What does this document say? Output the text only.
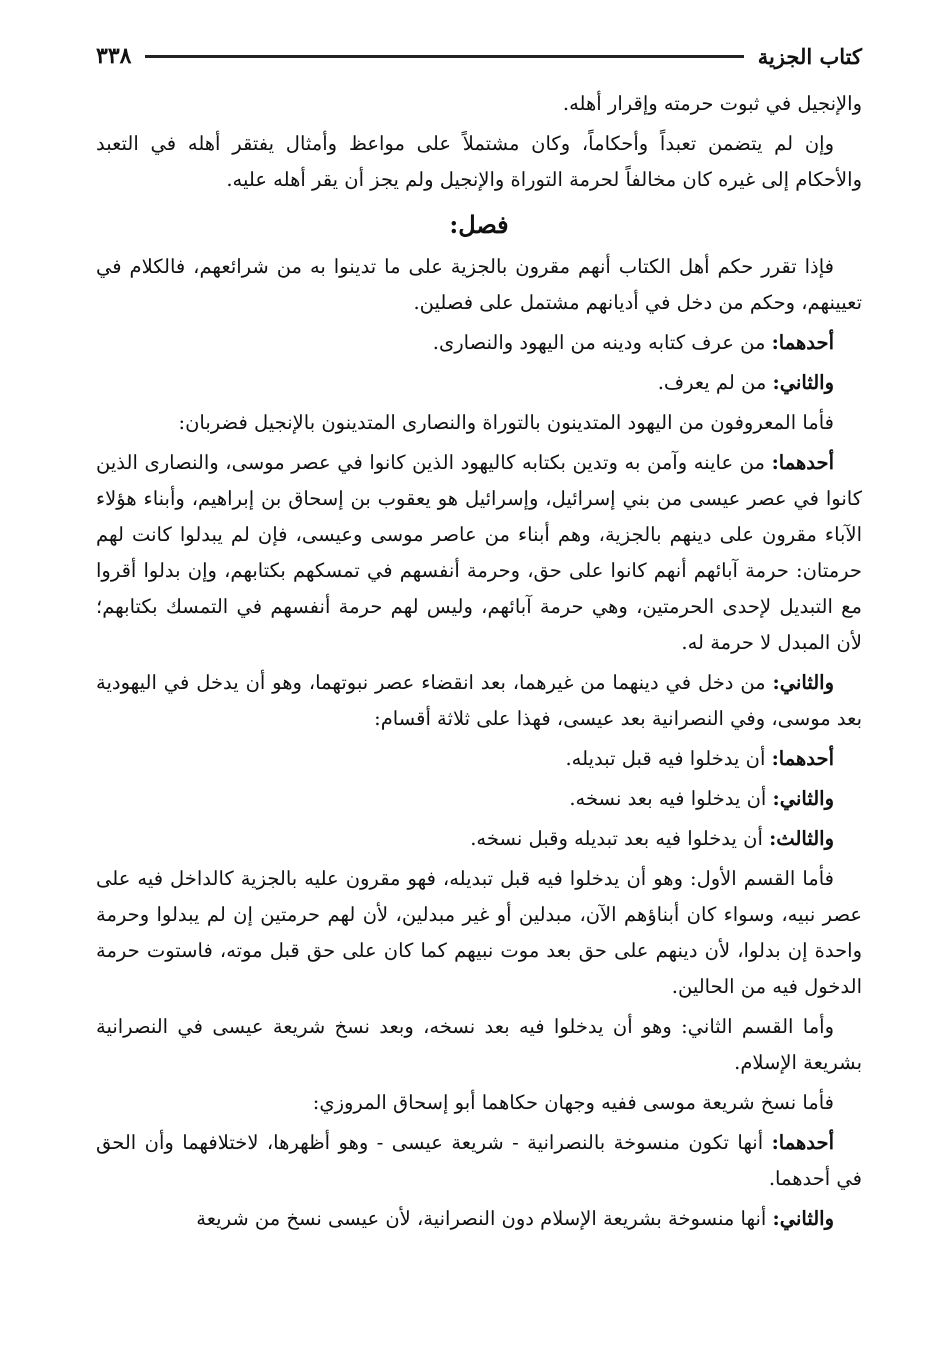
٣٣٨	كتاب الجزية

والإنجيل في ثبوت حرمته وإقرار أهله.

وإن لم يتضمن تعبداً وأحكاماً، وكان مشتملاً على مواعظ وأمثال يفتقر أهله في التعبد والأحكام إلى غيره كان مخالفاً لحرمة التوراة والإنجيل ولم يجز أن يقر أهله عليه.

فصل:

فإذا تقرر حكم أهل الكتاب أنهم مقرون بالجزية على ما تدينوا به من شرائعهم، فالكلام في تعيينهم، وحكم من دخل في أديانهم مشتمل على فصلين.

أحدهما: من عرف كتابه ودينه من اليهود والنصارى.

والثاني: من لم يعرف.

فأما المعروفون من اليهود المتدينون بالتوراة والنصارى المتدينون بالإنجيل فضربان:

أحدهما: من عاينه وآمن به وتدين بكتابه كاليهود الذين كانوا في عصر موسى، والنصارى الذين كانوا في عصر عيسى من بني إسرائيل، وإسرائيل هو يعقوب بن إسحاق بن إبراهيم، وأبناء هؤلاء الآباء مقرون على دينهم بالجزية، وهم أبناء من عاصر موسى وعيسى، فإن لم يبدلوا كانت لهم حرمتان: حرمة آبائهم أنهم كانوا على حق، وحرمة أنفسهم في تمسكهم بكتابهم، وإن بدلوا أقروا مع التبديل لإحدى الحرمتين، وهي حرمة آبائهم، وليس لهم حرمة أنفسهم في التمسك بكتابهم؛ لأن المبدل لا حرمة له.

والثاني: من دخل في دينهما من غيرهما، بعد انقضاء عصر نبوتهما، وهو أن يدخل في اليهودية بعد موسى، وفي النصرانية بعد عيسى، فهذا على ثلاثة أقسام:

أحدهما: أن يدخلوا فيه قبل تبديله.

والثاني: أن يدخلوا فيه بعد نسخه.

والثالث: أن يدخلوا فيه بعد تبديله وقبل نسخه.

فأما القسم الأول: وهو أن يدخلوا فيه قبل تبديله، فهو مقرون عليه بالجزية كالداخل فيه على عصر نبيه، وسواء كان أبناؤهم الآن، مبدلين أو غير مبدلين، لأن لهم حرمتين إن لم يبدلوا وحرمة واحدة إن بدلوا، لأن دينهم على حق بعد موت نبيهم كما كان على حق قبل موته، فاستوت حرمة الدخول فيه من الحالين.

وأما القسم الثاني: وهو أن يدخلوا فيه بعد نسخه، وبعد نسخ شريعة عيسى في النصرانية بشريعة الإسلام.

فأما نسخ شريعة موسى ففيه وجهان حكاهما أبو إسحاق المروزي:

أحدهما: أنها تكون منسوخة بالنصرانية - شريعة عيسى - وهو أظهرها، لاختلافهما وأن الحق في أحدهما.

والثاني: أنها منسوخة بشريعة الإسلام دون النصرانية، لأن عيسى نسخ من شريعة
